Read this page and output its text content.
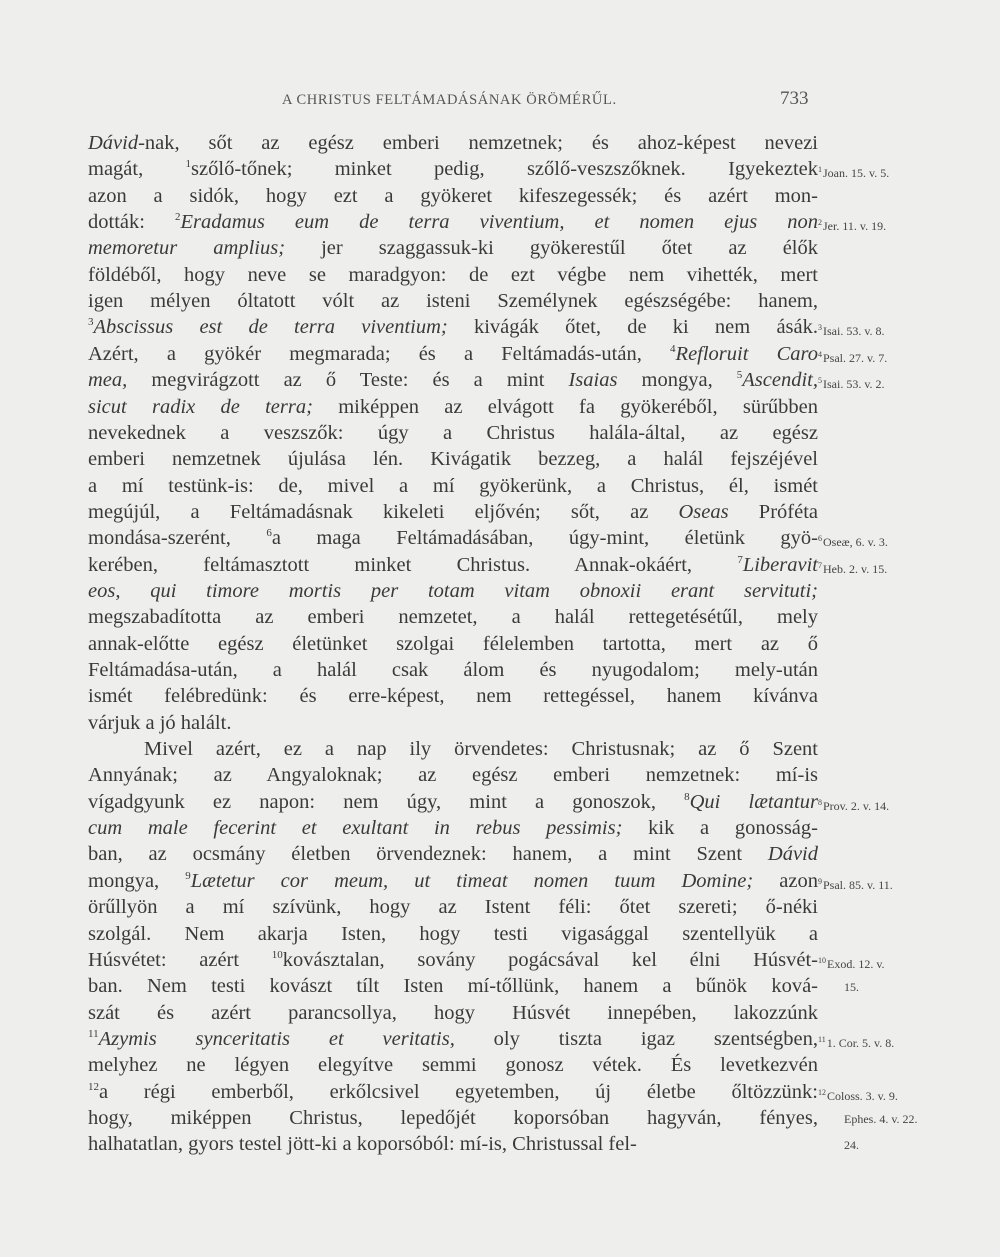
A CHRISTUS FELTÁMADÁSÁNAK ÖRÖMÉRŰL.	733
Dávid-nak, sőt az egész emberi nemzetnek; és ahoz-képest nevezi
magát, $^1$szőlő-tőnek; minket pedig, szőlő-veszszőknek. Igyekeztek
azon a sidók, hogy ezt a gyökeret kifeszegessék; és azért mon-
dották: $^2$Eradamus eum de terra viventium, et nomen ejus non
memoretur amplius; jer szaggassuk-ki gyökerestűl őtet az élők
földéből, hogy neve se maradgyon: de ezt végbe nem vihették, mert
igen mélyen óltatott vólt az isteni Személynek egészségébe: hanem,
$^3$Abscissus est de terra viventium; kivágák őtet, de ki nem ásák.
Azért, a gyökér megmarada; és a Feltámadás-után, $^4$Refloruit Caro
mea, megvirágzott az ő Teste: és a mint Isaias mongya, $^5$Ascendit,
sicut radix de terra; miképpen az elvágott fa gyökeréből, sürűbben
nevekednek a veszszők: úgy a Christus halála-által, az egész
emberi nemzetnek újulása lén. Kivágatik bezzeg, a halál fejszéjével
a mí testünk-is: de, mivel a mí gyökerünk, a Christus, él, ismét
megújúl, a Feltámadásnak kikeleti eljővén; sőt, az Oseas Próféta
mondása-szerént, $^6$a maga Feltámadásában, úgy-mint, életünk gyö-
kerében, feltámasztott minket Christus. Annak-okáért, $^7$Liberavit
eos, qui timore mortis per totam vitam obnoxii erant servituti;
megszabadította az emberi nemzetet, a halál rettegetésétűl, mely
annak-előtte egész életünket szolgai félelemben tartotta, mert az ő
Feltámadása-után, a halál csak álom és nyugodalom; mely-után
ismét felébredünk: és erre-képest, nem rettegéssel, hanem kívánva
várjuk a jó halált.
Mivel azért, ez a nap ily örvendetes: Christusnak; az ő Szent
Annyának; az Angyaloknak; az egész emberi nemzetnek: mí-is
vígadgyunk ez napon: nem úgy, mint a gonoszok, $^8$Qui lætantur
cum male fecerint et exultant in rebus pessimis; kik a gonosság-
ban, az ocsmány életben örvendeznek: hanem, a mint Szent Dávid
mongya, $^9$Lætetur cor meum, ut timeat nomen tuum Domine; azon
örűllyön a mí szívünk, hogy az Istent féli: őtet szereti; ő-néki
szolgál. Nem akarja Isten, hogy testi vigasággal szentellyük a
Húsvétet: azért $^{10}$kovásztalan, sovány pogácsával kel élni Húsvét-
ban. Nem testi kovászt tílt Isten mí-tőllünk, hanem a bűnök ková-
szát és azért parancsollya, hogy Húsvét innepében, lakozzúnk
$^{11}$Azymis synceritatis et veritatis, oly tiszta igaz szentségben,
melyhez ne légyen elegyítve semmi gonosz vétek. És levetkezvén
$^{12}$a régi emberből, erkőlcsivel egyetemben, új életbe őltözzünk:
hogy, miképpen Christus, lepedőjét koporsóban hagyván, fényes,
halhatatlan, gyors testel jött-ki a koporsóból: mí-is, Christussal fel-
$^1$Joan. 15. v. 5.
$^2$Jer. 11. v. 19.
$^3$Isai. 53. v. 8.
$^4$Psal. 27. v. 7.
$^5$Isai. 53. v. 2.
$^6$Oseæ, 6. v. 3.
$^7$Heb. 2. v. 15.
$^8$Prov. 2. v. 14.
$^9$Psal. 85. v. 11.
$^{10}$Exod. 12. v.
15.
$^{11}$1. Cor. 5. v. 8.
$^{12}$Coloss. 3. v. 9.
Ephes. 4. v. 22.
24.
